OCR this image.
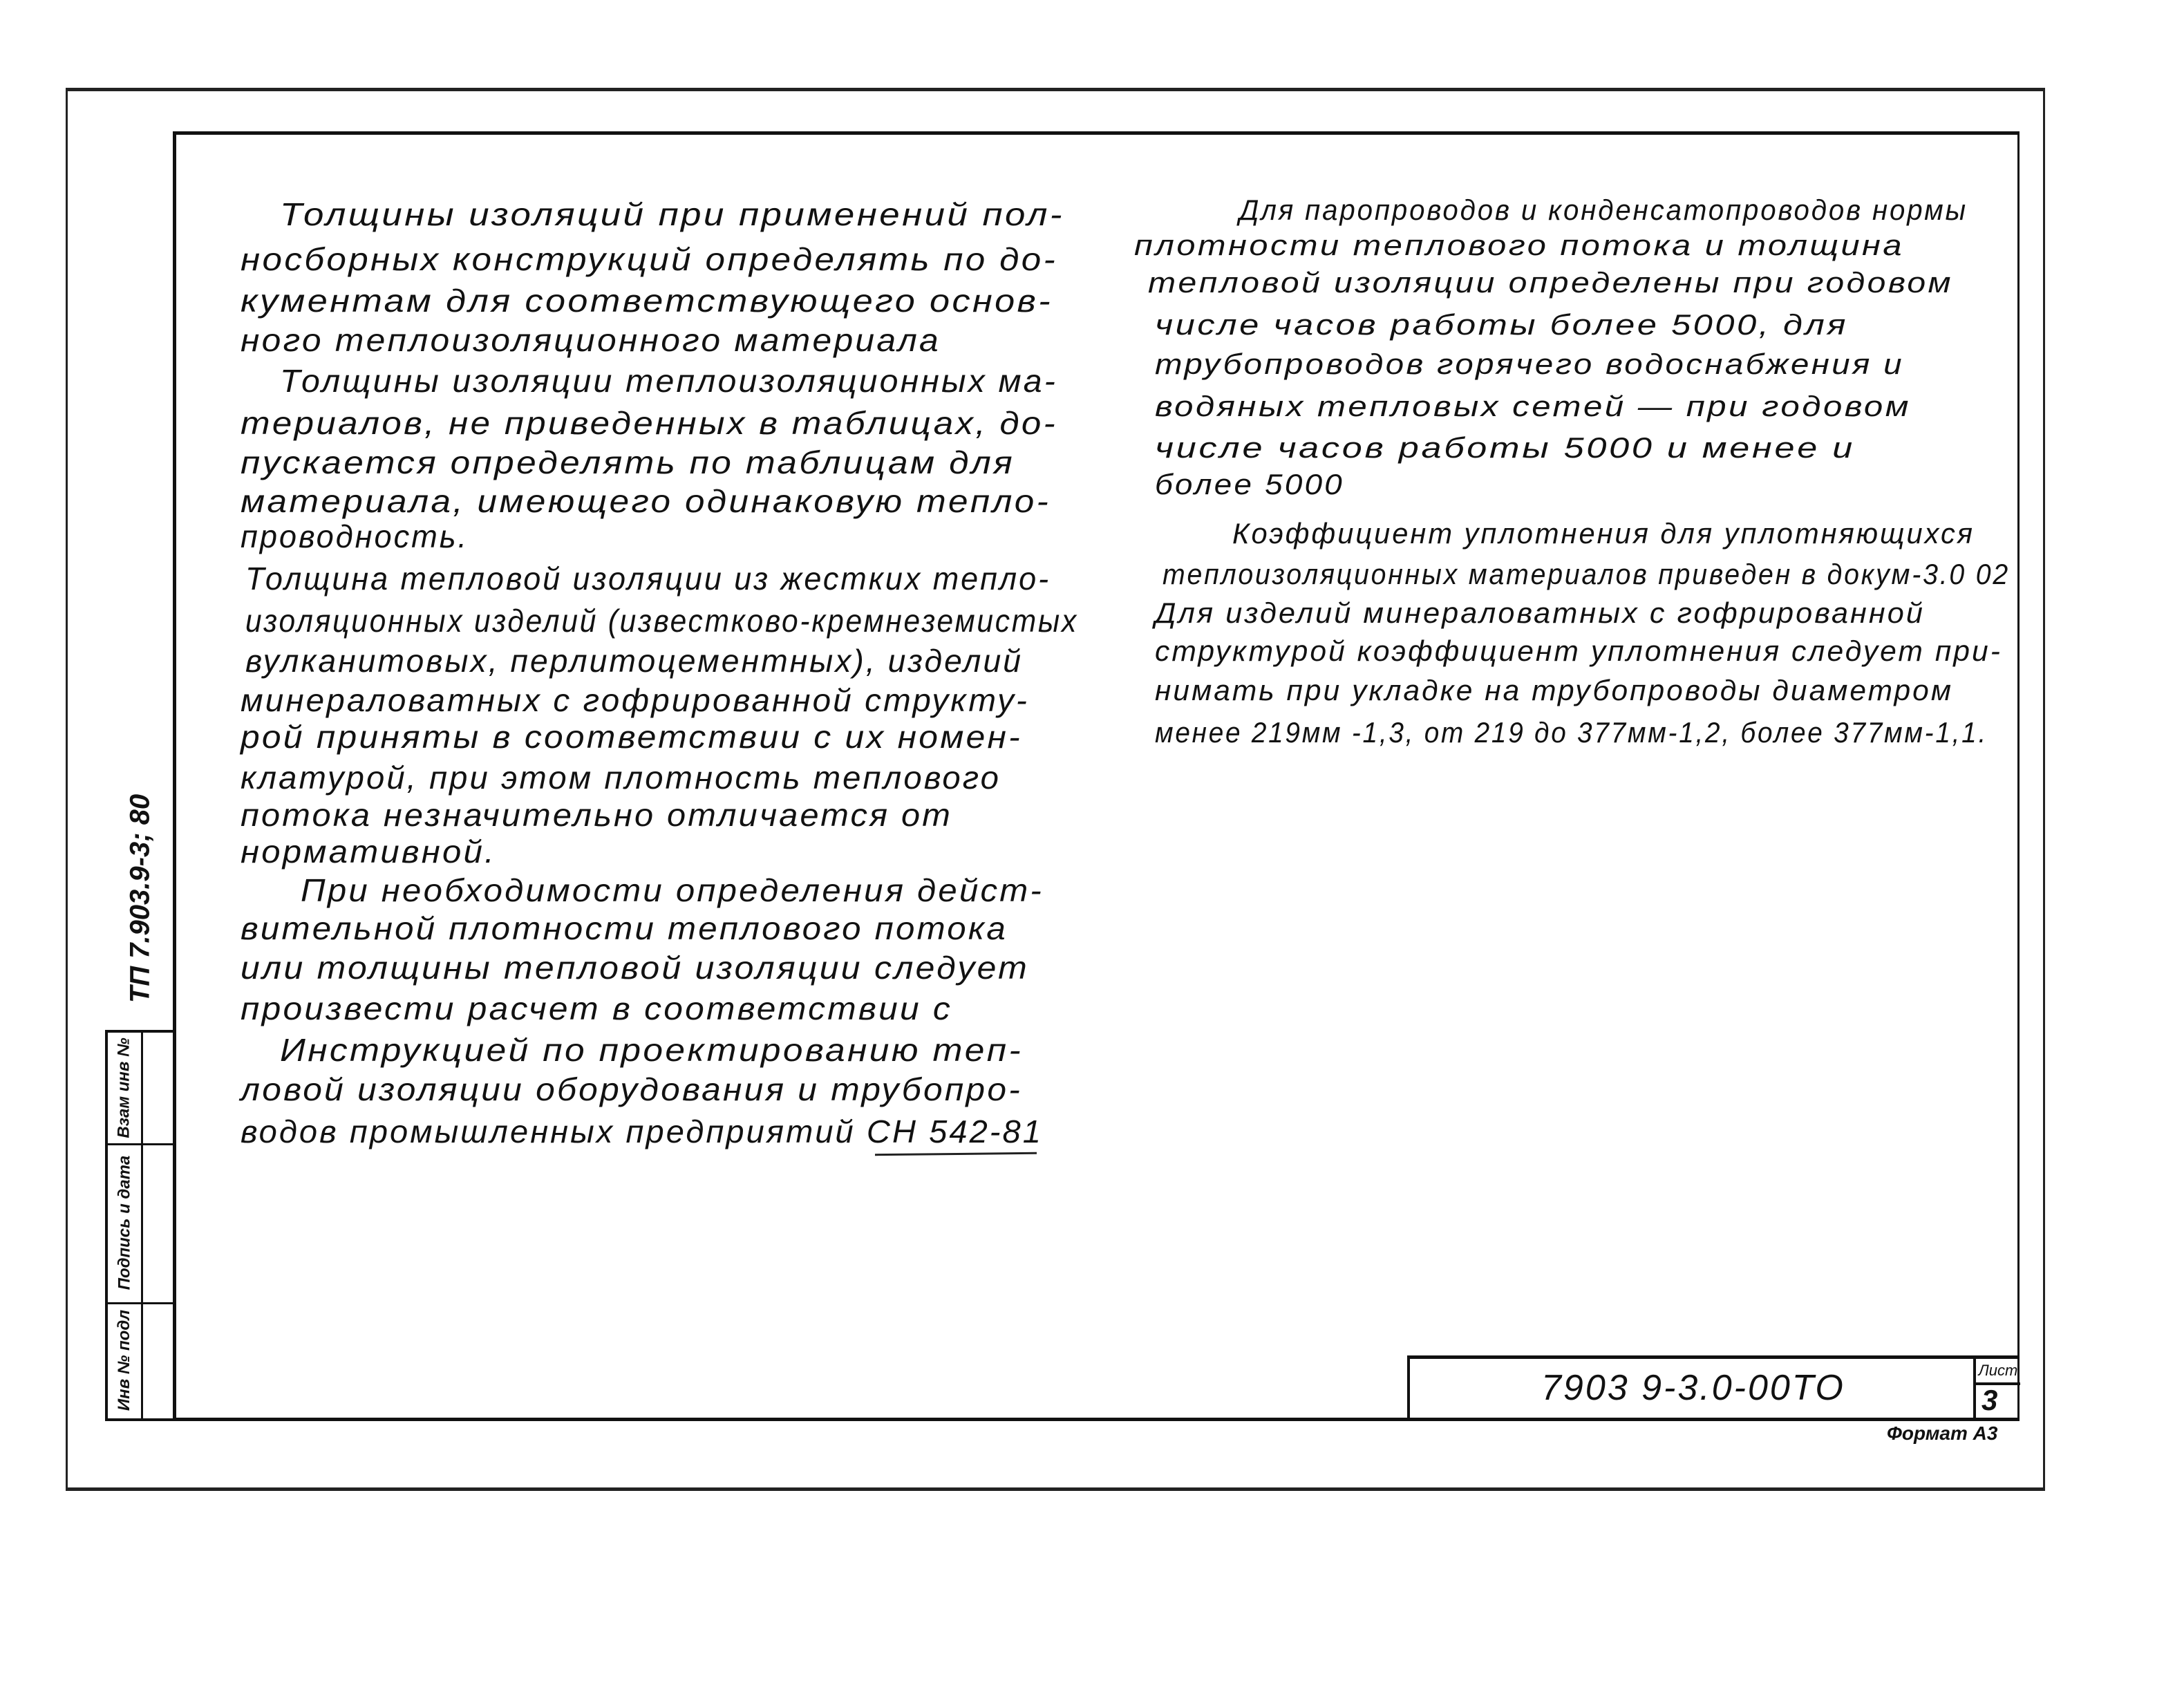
Толщины изоляций при применений пол-
носборных конструкций определять по до-
кументам для соответствующего основ-
ного теплоизоляционного материала
Толщины изоляции теплоизоляционных ма-
териалов, не приведенных в таблицах, до-
пускается определять по таблицам для
материала, имеющего одинаковую тепло-
проводность.
Толщина тепловой изоляции из жестких тепло-
изоляционных изделий (известково-кремнеземистых
вулканитовых, перлитоцементных), изделий
минераловатных с гофрированной структу-
рой приняты в соответствии с их номен-
клатурой, при этом плотность теплового
потока незначительно отличается от
нормативной.
При необходимости определения дейст-
вительной плотности теплового потока
или толщины тепловой изоляции следует
произвести расчет в соответствии с
Инструкцией по проектированию теп-
ловой изоляции оборудования и трубопро-
водов промышленных предприятий СН 542-81
Для паропроводов и конденсатопроводов нормы
плотности теплового потока и толщина
тепловой изоляции определены при годовом
числе часов работы более 5000, для
трубопроводов горячего водоснабжения и
водяных тепловых сетей — при годовом
числе часов работы 5000 и менее и
более 5000
Коэффициент уплотнения для уплотняющихся
теплоизоляционных материалов приведен в докум-3.0 02
Для изделий минераловатных с гофрированной
структурой коэффициент уплотнения следует при-
нимать при укладке на трубопроводы диаметром
менее 219мм -1,3, от 219 до 377мм-1,2, более 377мм-1,1.
ТП 7.903.9-3; 80
Взам инв №
Подпись и дата
Инв № подл	7903 9-3.0-00ТО	Лист
3
Формат А3
